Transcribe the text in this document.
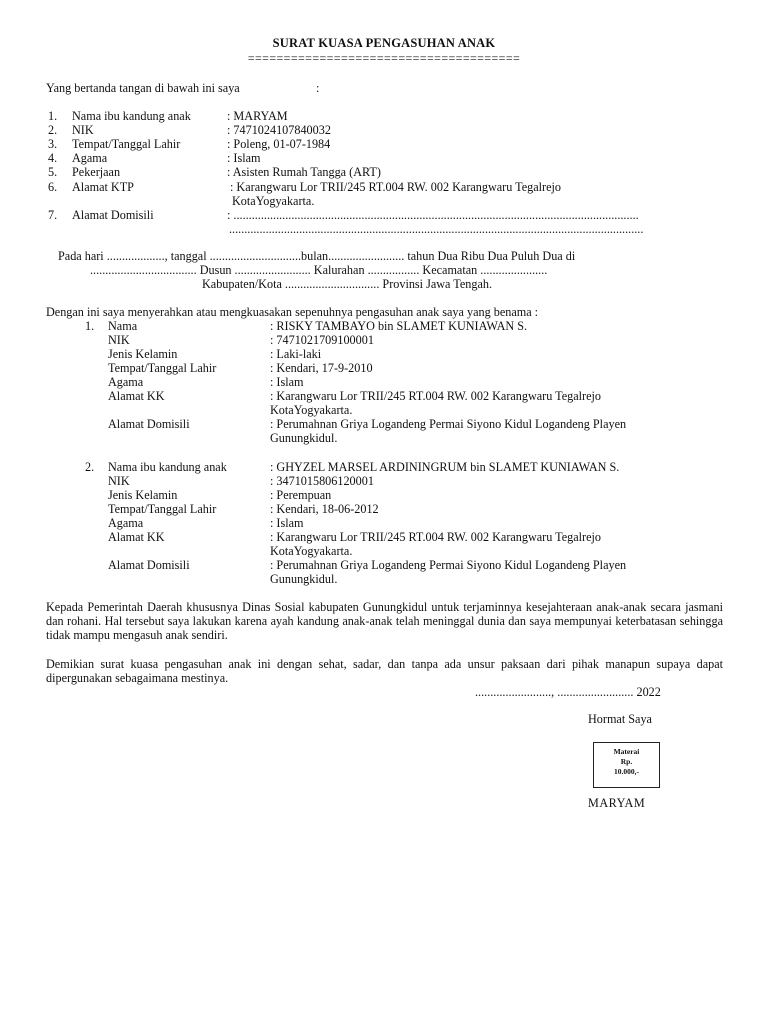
SURAT KUASA PENGASUHAN ANAK
======================================
Yang bertanda tangan di bawah ini saya	:
1. Nama ibu kandung anak	: MARYAM
2. NIK	: 7471024107840032
3. Tempat/Tanggal Lahir	: Poleng, 01-07-1984
4. Agama	: Islam
5. Pekerjaan	: Asisten Rumah Tangga (ART)
6. Alamat KTP	: Karangwaru Lor TRII/245 RT.004 RW. 002 Karangwaru Tegalrejo
KotaYogyakarta.
7. Alamat Domisili	: .....................................................................................................................................
........................................................................................................................................
Pada hari ..................., tanggal ..............................bulan......................... tahun Dua Ribu Dua Puluh Dua di
................................... Dusun ......................... Kalurahan ................. Kecamatan ......................
Kabupaten/Kota ............................... Provinsi Jawa Tengah.
Dengan ini saya menyerahkan atau mengkuasakan sepenuhnya pengasuhan anak saya yang benama :
1. Nama	: RISKY TAMBAYO bin SLAMET KUNIAWAN S.
NIK	: 7471021709100001
Jenis Kelamin	: Laki-laki
Tempat/Tanggal Lahir	: Kendari, 17-9-2010
Agama	: Islam
Alamat KK	: Karangwaru Lor TRII/245 RT.004 RW. 002 Karangwaru Tegalrejo
KotaYogyakarta.
Alamat Domisili	: Perumahnan Griya Logandeng Permai Siyono Kidul Logandeng Playen
Gunungkidul.
2. Nama ibu kandung anak	: GHYZEL MARSEL ARDININGRUM bin SLAMET KUNIAWAN S.
NIK	: 3471015806120001
Jenis Kelamin	: Perempuan
Tempat/Tanggal Lahir	: Kendari, 18-06-2012
Agama	: Islam
Alamat KK	: Karangwaru Lor TRII/245 RT.004 RW. 002 Karangwaru Tegalrejo
KotaYogyakarta.
Alamat Domisili	: Perumahnan Griya Logandeng Permai Siyono Kidul Logandeng Playen
Gunungkidul.
Kepada Pemerintah Daerah khususnya Dinas Sosial kabupaten Gunungkidul untuk terjaminnya kesejahteraan anak-anak secara jasmani dan rohani. Hal tersebut saya lakukan karena ayah kandung anak-anak telah meninggal dunia dan saya mempunyai keterbatasan sehingga tidak mampu mengasuh anak sendiri.
Demikian surat kuasa pengasuhan anak ini dengan sehat, sadar, dan tanpa ada unsur paksaan dari pihak manapun supaya dapat dipergunakan sebagaimana mestinya.
........................., ......................... 2022
Hormat Saya
Materai
Rp.
10.000,-
MARYAM
